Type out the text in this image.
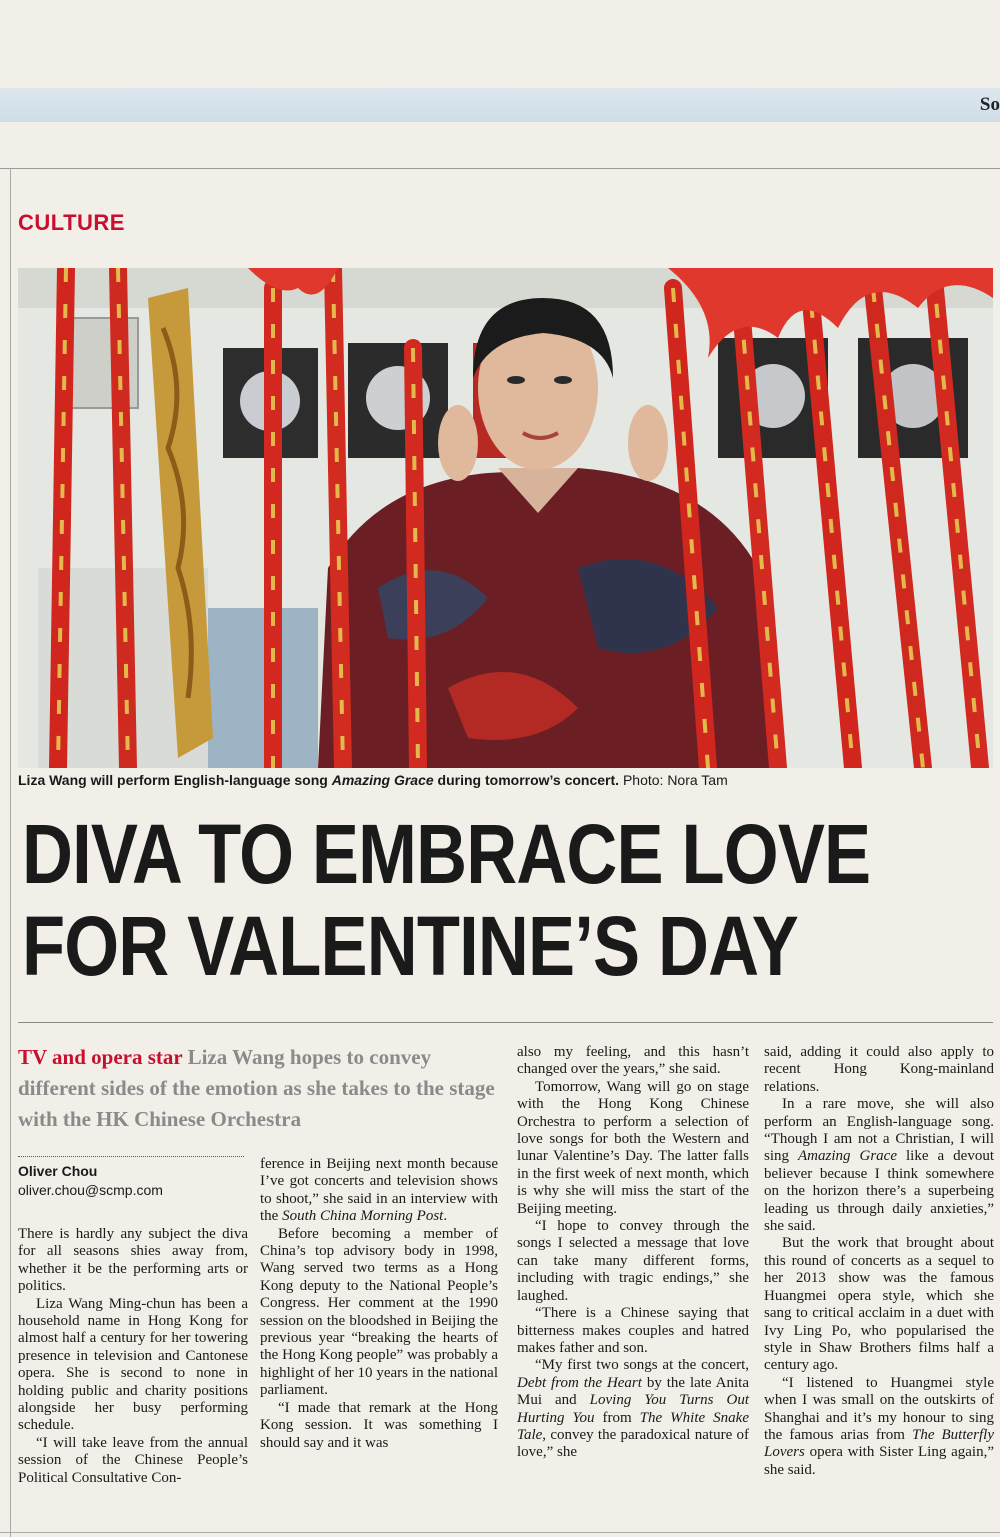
So
CULTURE
Liza Wang will perform English-language song Amazing Grace during tomorrow’s concert. Photo: Nora Tam
DIVA TO EMBRACE LOVE
FOR VALENTINE’S DAY
TV and opera star Liza Wang hopes to convey different sides of the emotion as she takes to the stage with the HK Chinese Orchestra
Oliver Chou
oliver.chou@scmp.com

There is hardly any subject the diva for all seasons shies away from, whether it be the performing arts or politics.

Liza Wang Ming-chun has been a household name in Hong Kong for almost half a century for her towering presence in television and Cantonese opera. She is second to none in holding public and charity positions alongside her busy performing schedule.

“I will take leave from the annual session of the Chinese People’s Political Consultative Con-

ference in Beijing next month because I’ve got concerts and television shows to shoot,” she said in an interview with the South China Morning Post.

Before becoming a member of China’s top advisory body in 1998, Wang served two terms as a Hong Kong deputy to the National People’s Congress. Her comment at the 1990 session on the bloodshed in Beijing the previous year “breaking the hearts of the Hong Kong people” was probably a highlight of her 10 years in the national parliament.

“I made that remark at the Hong Kong session. It was something I should say and it was

also my feeling, and this hasn’t changed over the years,” she said.

Tomorrow, Wang will go on stage with the Hong Kong Chinese Orchestra to perform a selection of love songs for both the Western and lunar Valentine’s Day. The latter falls in the first week of next month, which is why she will miss the start of the Beijing meeting.

“I hope to convey through the songs I selected a message that love can take many different forms, including with tragic endings,” she laughed.

“There is a Chinese saying that bitterness makes couples and hatred makes father and son.

“My first two songs at the concert, Debt from the Heart by the late Anita Mui and Loving You Turns Out Hurting You from The White Snake Tale, convey the paradoxical nature of love,” she

said, adding it could also apply to recent Hong Kong-mainland relations.

In a rare move, she will also perform an English-language song. “Though I am not a Christian, I will sing Amazing Grace like a devout believer because I think somewhere on the horizon there’s a superbeing leading us through daily anxieties,” she said.

But the work that brought about this round of concerts as a sequel to her 2013 show was the famous Huangmei opera style, which she sang to critical acclaim in a duet with Ivy Ling Po, who popularised the style in Shaw Brothers films half a century ago.

“I listened to Huangmei style when I was small on the outskirts of Shanghai and it’s my honour to sing the famous arias from The Butterfly Lovers opera with Sister Ling again,” she said.
